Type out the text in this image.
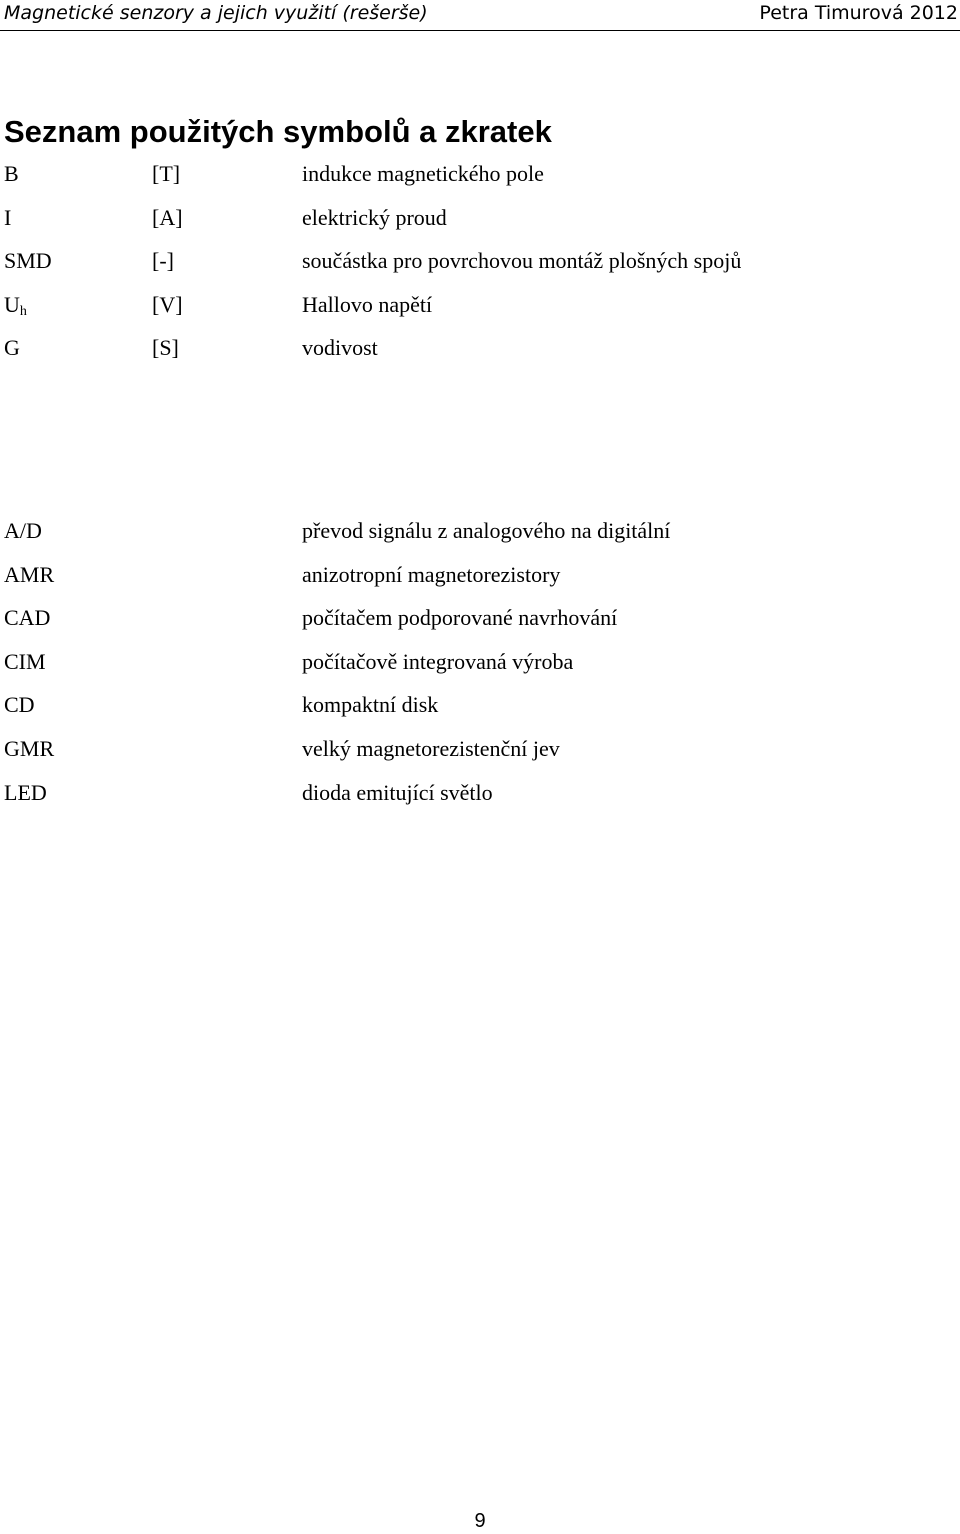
Magnetické senzory a jejich využití (rešerše)	Petra Timurová 2012
Seznam použitých symbolů a zkratek
B	[T]	indukce magnetického pole
I	[A]	elektrický proud
SMD	[-]	součástka pro povrchovou montáž plošných spojů
$U_h$	[V]	Hallovo napětí
G	[S]	vodivost
A/D	převod signálu z analogového na digitální
AMR	anizotropní magnetorezistory
CAD	počítačem podporované navrhování
CIM	počítačově integrovaná výroba
CD	kompaktní disk
GMR	velký magnetorezistenční jev
LED	dioda emitující světlo
9
